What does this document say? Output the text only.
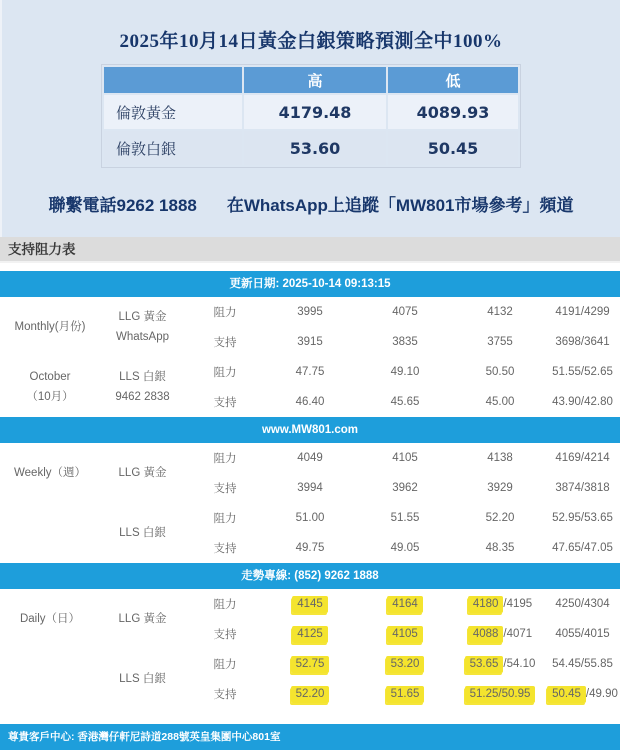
2025年10月14日黃金白銀策略預測全中100%
	高	低
倫敦黃金	4179.48	4089.93
倫敦白銀	53.60	50.45
聯繫電話9262 1888 在WhatsApp上追蹤「MW801市場參考」頻道
支持阻力表
更新日期: 2025-10-14 09:13:15
Monthly(月份)
LLG 黃金
WhatsApp
阻力	3995	4075	4132	4191/4299
支持	3915	3835	3755	3698/3641
October
（10月）
LLS 白銀
9462 2838
阻力	47.75	49.10	50.50	51.55/52.65
支持	46.40	45.65	45.00	43.90/42.80
www.MW801.com
Weekly（週）	LLG 黃金
阻力	4049	4105	4138	4169/4214
支持	3994	3962	3929	3874/3818
LLS 白銀
阻力	51.00	51.55	52.20	52.95/53.65
支持	49.75	49.05	48.35	47.65/47.05
走勢專線: (852) 9262 1888
Daily（日）	LLG 黃金
阻力	4145	4164	4180 /4195	4250/4304
支持	4125	4105	4088 /4071	4055/4015
LLS 白銀
阻力	52.75	53.20	53.65 /54.10	54.45/55.85
支持	52.20	51.65	51.25/50.95	50.45 /49.90
尊貴客戶中心: 香港灣仔軒尼詩道288號英皇集團中心801室
